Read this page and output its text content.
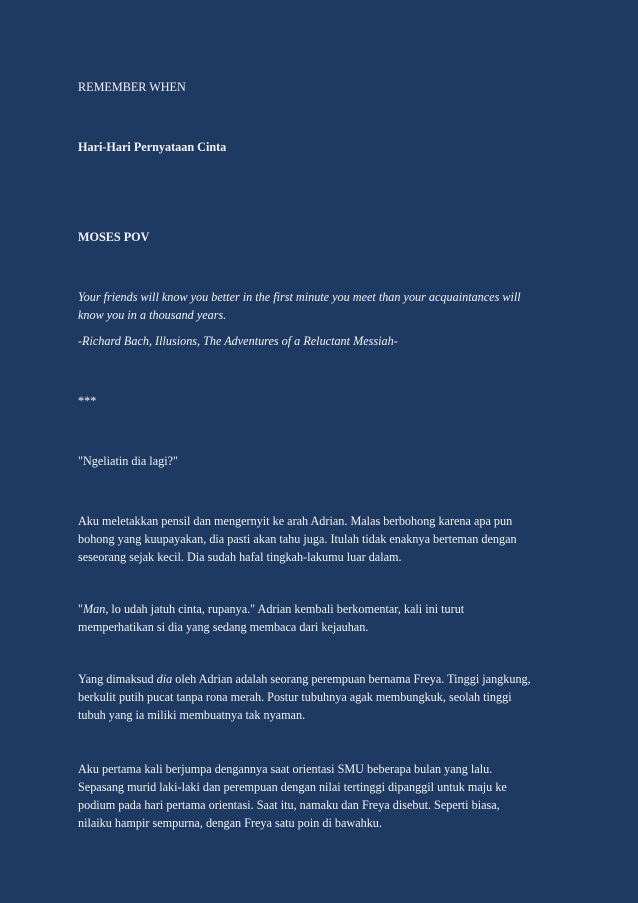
REMEMBER WHEN
Hari-Hari Pernyataan Cinta
MOSES POV
Your friends will know you better in the first minute you meet than your acquaintances will
know you in a thousand years.
-Richard Bach, Illusions, The Adventures of a Reluctant Messiah-
***
"Ngeliatin dia lagi?"
Aku meletakkan pensil dan mengernyit ke arah Adrian. Malas berbohong karena apa pun
bohong yang kuupayakan, dia pasti akan tahu juga. Itulah tidak enaknya berteman dengan
seseorang sejak kecil. Dia sudah hafal tingkah-lakumu luar dalam.
"Man, lo udah jatuh cinta, rupanya." Adrian kembali berkomentar, kali ini turut
memperhatikan si dia yang sedang membaca dari kejauhan.
Yang dimaksud dia oleh Adrian adalah seorang perempuan bernama Freya. Tinggi jangkung,
berkulit putih pucat tanpa rona merah. Postur tubuhnya agak membungkuk, seolah tinggi
tubuh yang ia miliki membuatnya tak nyaman.
Aku pertama kali berjumpa dengannya saat orientasi SMU beberapa bulan yang lalu.
Sepasang murid laki-laki dan perempuan dengan nilai tertinggi dipanggil untuk maju ke
podium pada hari pertama orientasi. Saat itu, namaku dan Freya disebut. Seperti biasa,
nilaiku hampir sempurna, dengan Freya satu poin di bawahku.
